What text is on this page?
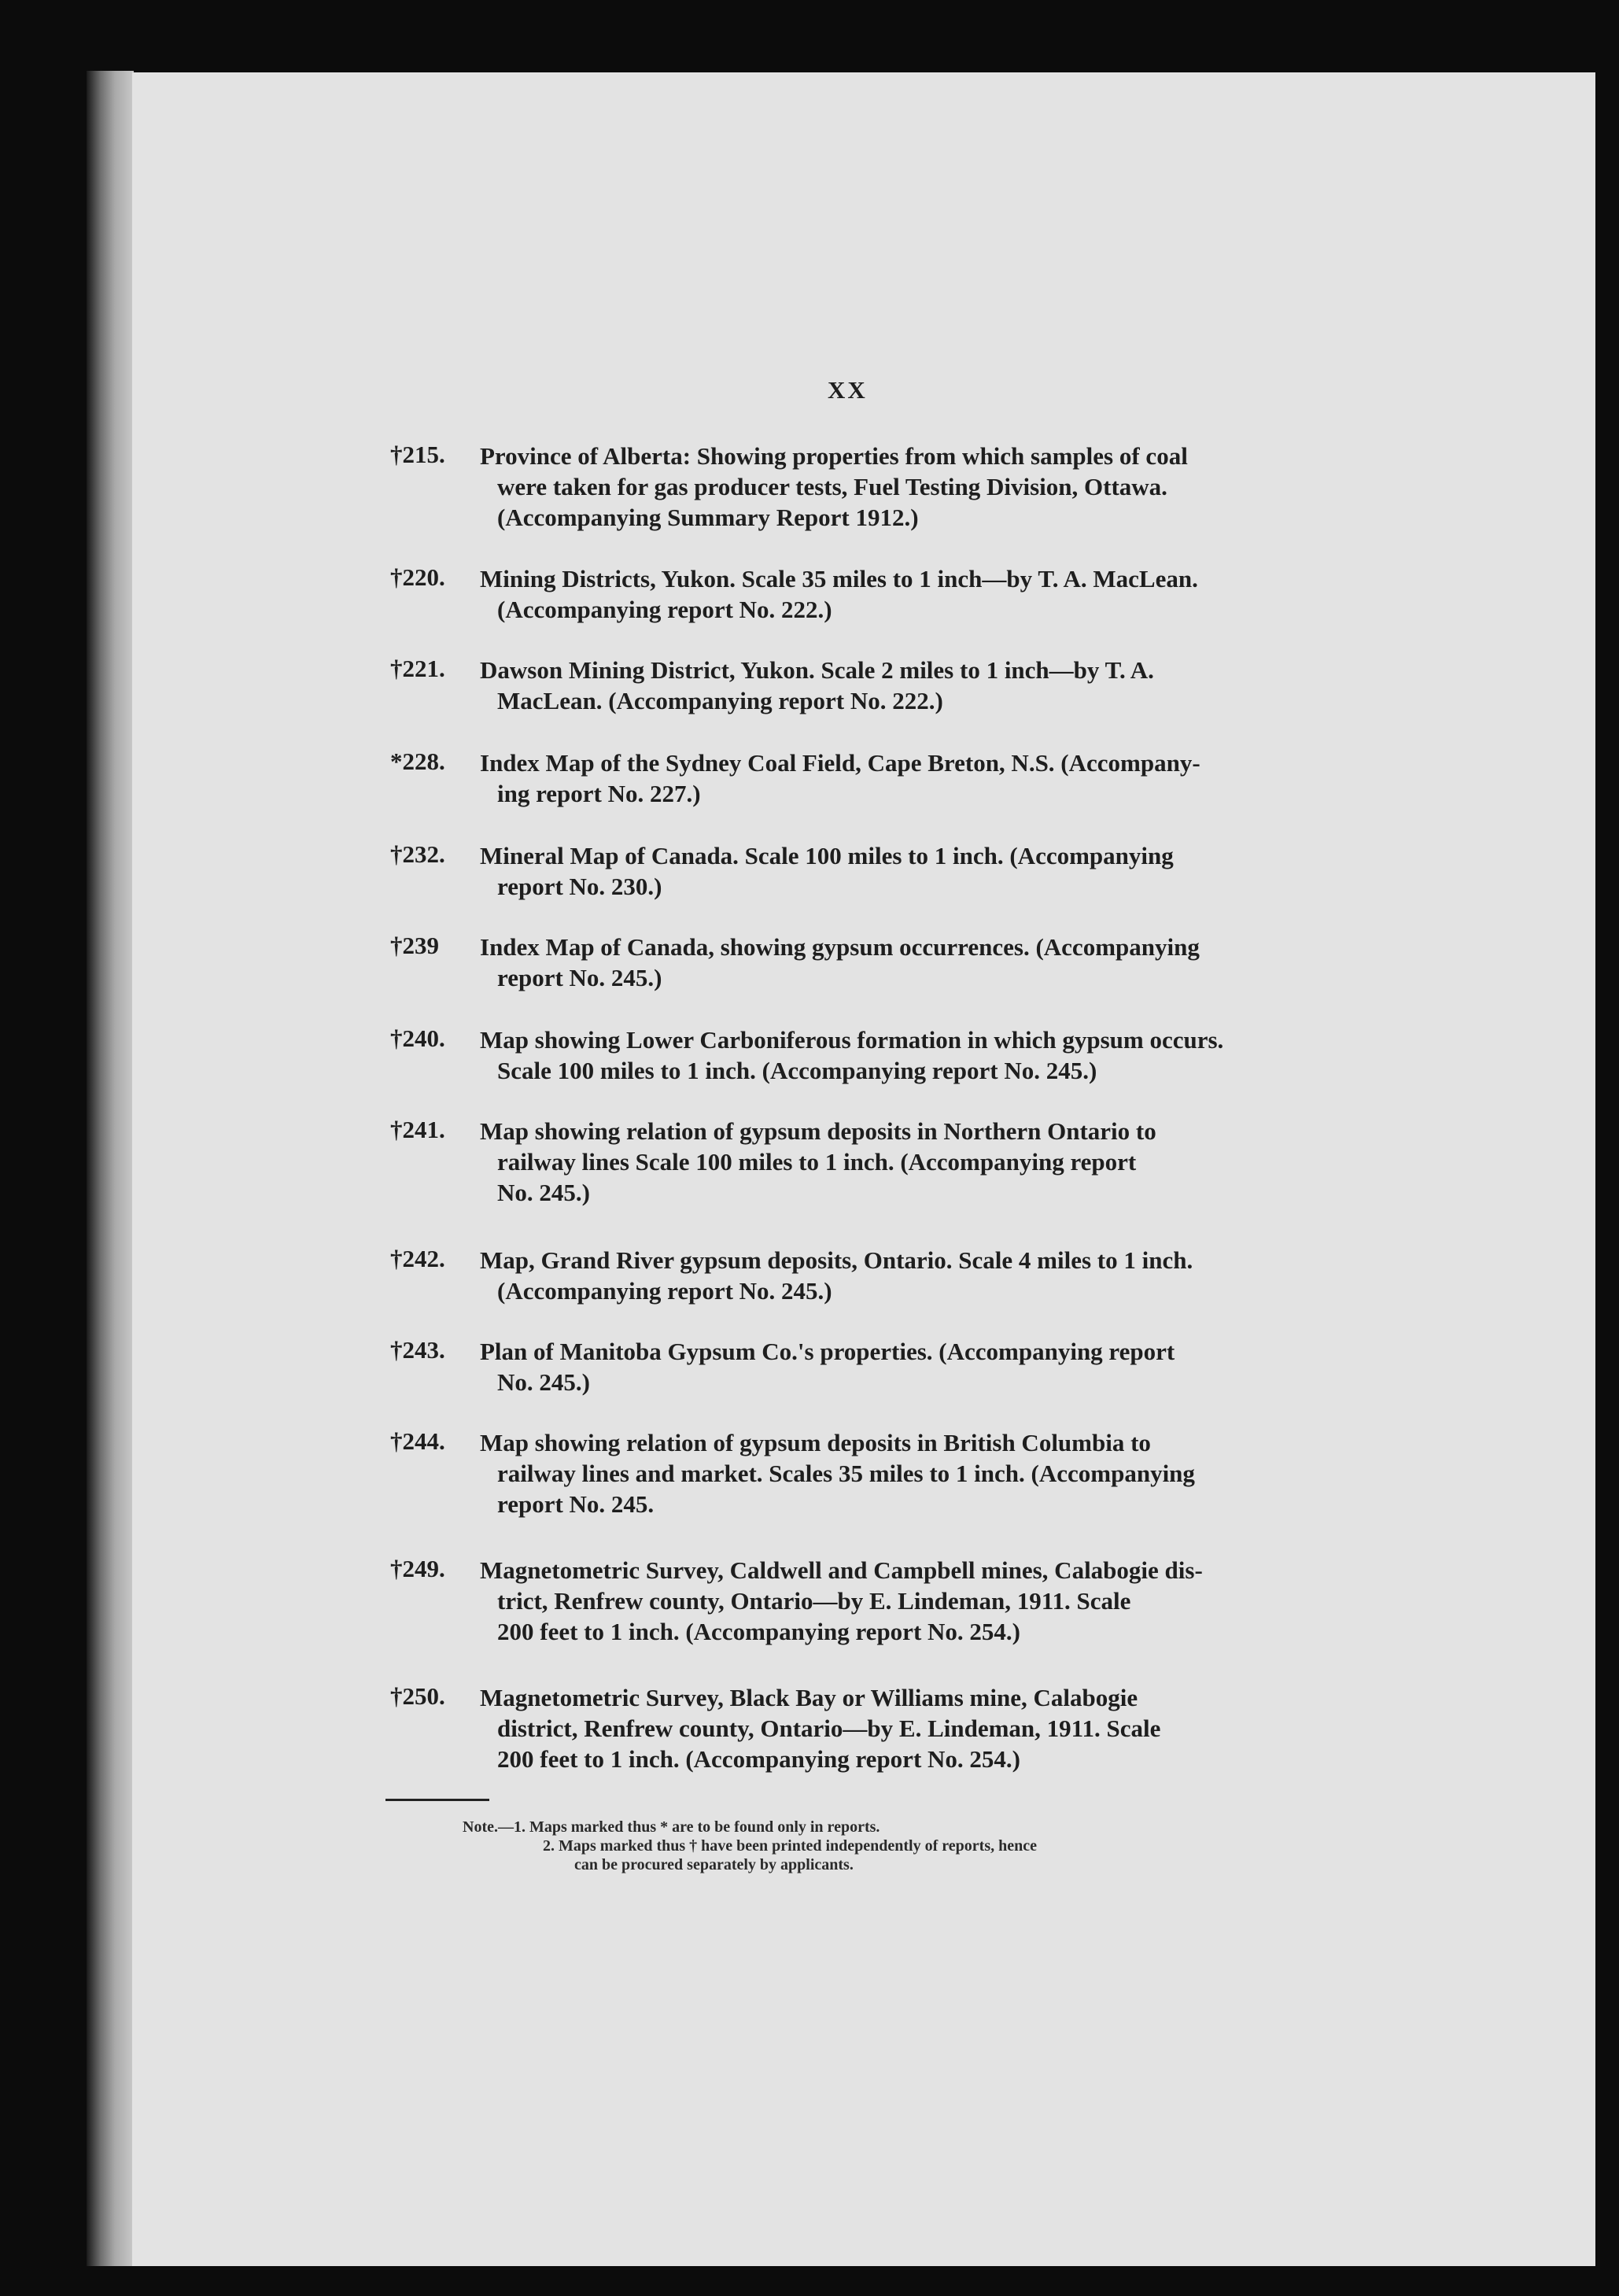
XX
†215.	Province of Alberta: Showing properties from which samples of coal
were taken for gas producer tests, Fuel Testing Division, Ottawa.
(Accompanying Summary Report 1912.)
†220.	Mining Districts, Yukon. Scale 35 miles to 1 inch—by T. A. MacLean.
(Accompanying report No. 222.)
†221.	Dawson Mining District, Yukon. Scale 2 miles to 1 inch—by T. A.
MacLean. (Accompanying report No. 222.)
*228.	Index Map of the Sydney Coal Field, Cape Breton, N.S. (Accompany-
ing report No. 227.)
†232.	Mineral Map of Canada. Scale 100 miles to 1 inch. (Accompanying
report No. 230.)
†239	Index Map of Canada, showing gypsum occurrences. (Accompanying
report No. 245.)
†240.	Map showing Lower Carboniferous formation in which gypsum occurs.
Scale 100 miles to 1 inch. (Accompanying report No. 245.)
†241.	Map showing relation of gypsum deposits in Northern Ontario to
railway lines Scale 100 miles to 1 inch. (Accompanying report
No. 245.)
†242.	Map, Grand River gypsum deposits, Ontario. Scale 4 miles to 1 inch.
(Accompanying report No. 245.)
†243.	Plan of Manitoba Gypsum Co.'s properties. (Accompanying report
No. 245.)
†244.	Map showing relation of gypsum deposits in British Columbia to
railway lines and market. Scales 35 miles to 1 inch. (Accompanying
report No. 245.
†249.	Magnetometric Survey, Caldwell and Campbell mines, Calabogie dis-
trict, Renfrew county, Ontario—by E. Lindeman, 1911. Scale
200 feet to 1 inch. (Accompanying report No. 254.)
†250.	Magnetometric Survey, Black Bay or Williams mine, Calabogie
district, Renfrew county, Ontario—by E. Lindeman, 1911. Scale
200 feet to 1 inch. (Accompanying report No. 254.)
Note.—1. Maps marked thus * are to be found only in reports.
2. Maps marked thus † have been printed independently of reports, hence
can be procured separately by applicants.
